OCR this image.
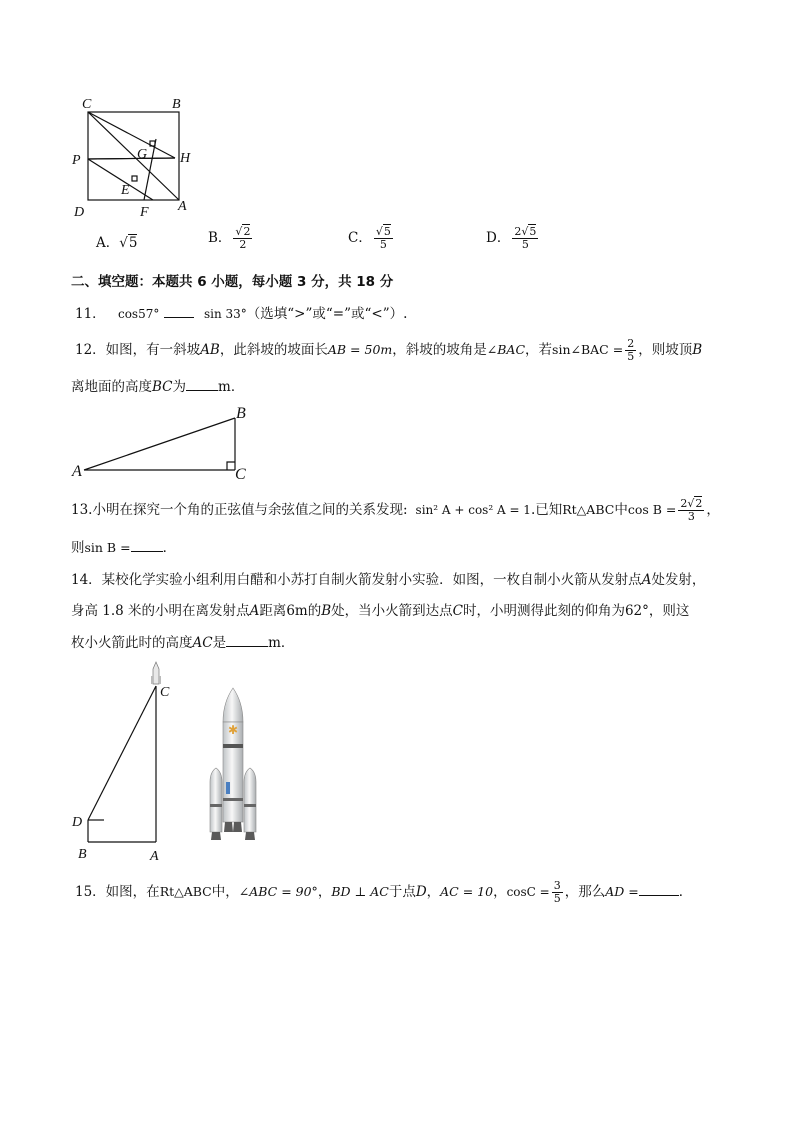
C	B
P	G H
E
D	F A
A．√5	B． $\frac{√2}{2}$	C． $\frac{√5}{5}$	D． $\frac{2√5}{5}$
二、填空题：本题共 6 小题，每小题 3 分，共 18 分
11． cos57°	sin 33°（选填“>”或“=”或“<”）.
12．如图，有一斜坡AB，此斜坡的坡面长AB = 50m，斜坡的坡角是∠BAC，若sin∠BAC = $\frac{2}{5}$ ，则坡顶B
离地面的高度BC为 m．
A
B
C
13.小明在探究一个角的正弦值与余弦值之间的关系发现: sin² A + cos² A = 1.已知Rt△ABC中$\cos B = \frac{2√2}{3}$ ，
则sin B = ．
14．某校化学实验小组利用白醋和小苏打自制火箭发射小实验．如图，一枚自制小火箭从发射点A处发射，
身高 1.8 米的小明在离发射点A距离6m的B处，当小火箭到达点C时，小明测得此刻的仰角为62°，则这
枚小火箭此时的高度AC是	m．
C
D
B	A
✱
15．如图，在Rt△ABC中，∠ABC = 90°，BD ⊥ AC于点D，AC = 10，$\cos C = \frac{3}{5}$ ，那么AD =	．
